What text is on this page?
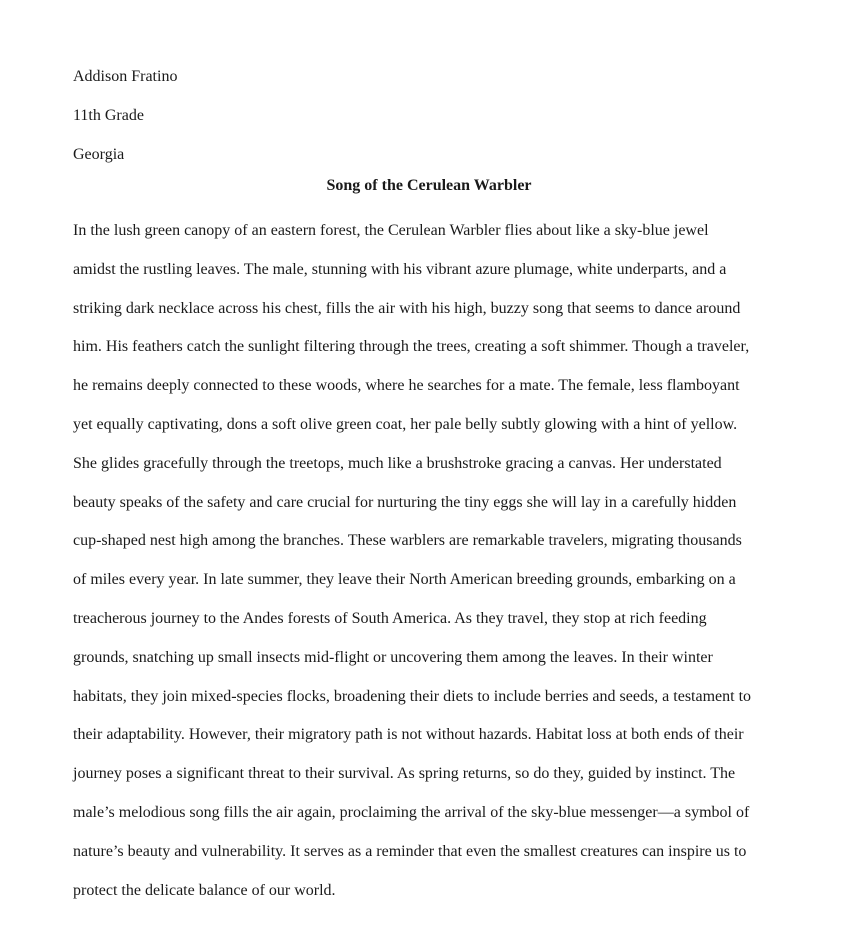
Addison Fratino
11th Grade
Georgia
Song of the Cerulean Warbler
In the lush green canopy of an eastern forest, the Cerulean Warbler flies about like a sky-blue jewel
amidst the rustling leaves. The male, stunning with his vibrant azure plumage, white underparts, and a
striking dark necklace across his chest, fills the air with his high, buzzy song that seems to dance around
him. His feathers catch the sunlight filtering through the trees, creating a soft shimmer. Though a traveler,
he remains deeply connected to these woods, where he searches for a mate. The female, less flamboyant
yet equally captivating, dons a soft olive green coat, her pale belly subtly glowing with a hint of yellow.
She glides gracefully through the treetops, much like a brushstroke gracing a canvas. Her understated
beauty speaks of the safety and care crucial for nurturing the tiny eggs she will lay in a carefully hidden
cup-shaped nest high among the branches. These warblers are remarkable travelers, migrating thousands
of miles every year. In late summer, they leave their North American breeding grounds, embarking on a
treacherous journey to the Andes forests of South America. As they travel, they stop at rich feeding
grounds, snatching up small insects mid-flight or uncovering them among the leaves. In their winter
habitats, they join mixed-species flocks, broadening their diets to include berries and seeds, a testament to
their adaptability. However, their migratory path is not without hazards. Habitat loss at both ends of their
journey poses a significant threat to their survival. As spring returns, so do they, guided by instinct. The
male’s melodious song fills the air again, proclaiming the arrival of the sky-blue messenger—a symbol of
nature’s beauty and vulnerability. It serves as a reminder that even the smallest creatures can inspire us to
protect the delicate balance of our world.
